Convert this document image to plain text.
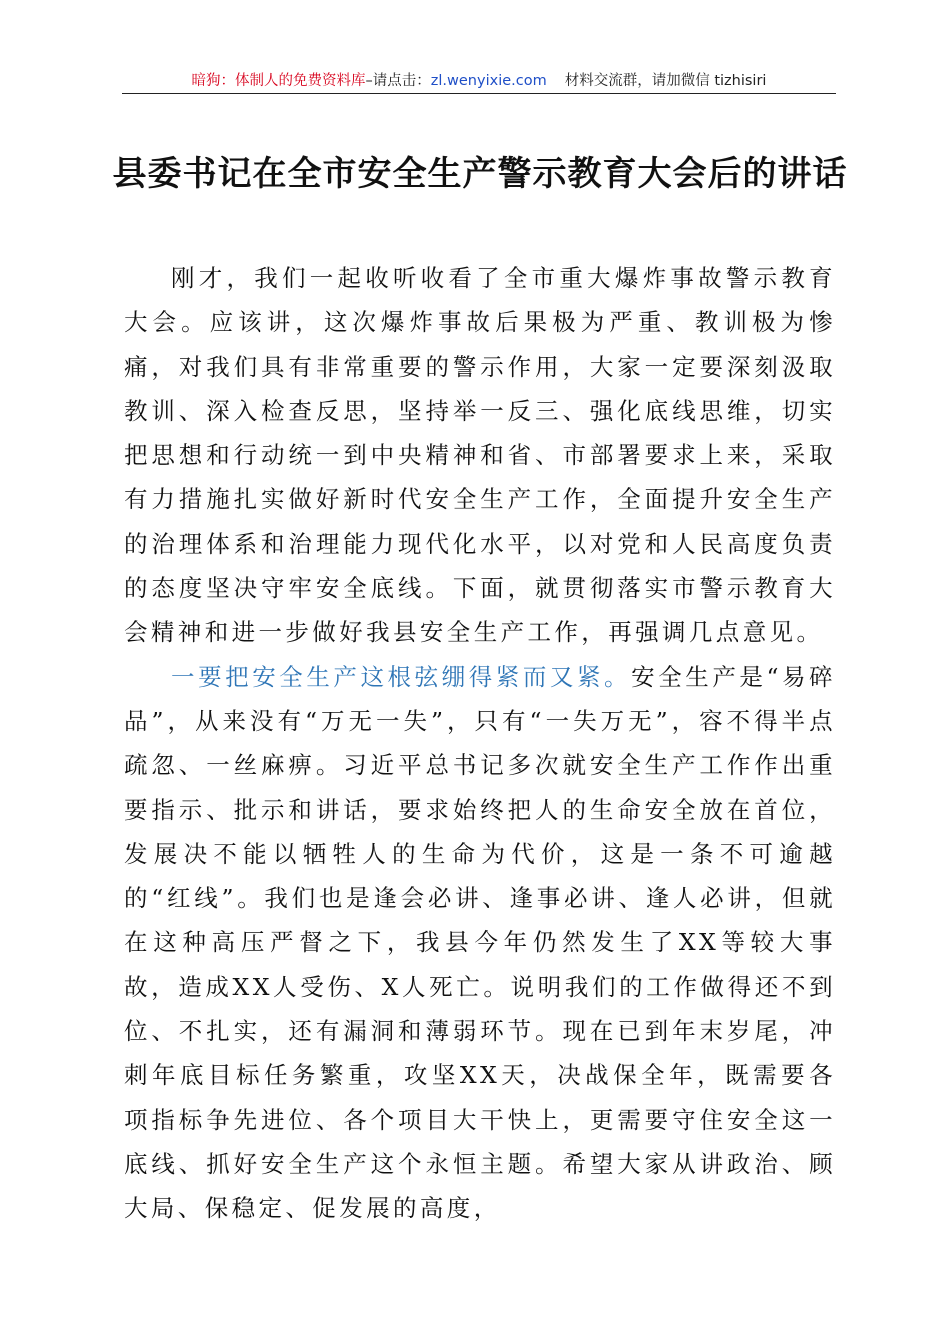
暗狗：体制人的免费资料库–请点击：zl.wenyixie.com 材料交流群，请加微信 tizhisiri
县委书记在全市安全生产警示教育大会后的讲话

刚才，我们一起收听收看了全市重大爆炸事故警示教育大会。应该讲，这次爆炸事故后果极为严重、教训极为惨痛，对我们具有非常重要的警示作用，大家一定要深刻汲取教训、深入检查反思，坚持举一反三、强化底线思维，切实把思想和行动统一到中央精神和省、市部署要求上来，采取有力措施扎实做好新时代安全生产工作，全面提升安全生产的治理体系和治理能力现代化水平，以对党和人民高度负责的态度坚决守牢安全底线。下面，就贯彻落实市警示教育大会精神和进一步做好我县安全生产工作，再强调几点意见。

一要把安全生产这根弦绷得紧而又紧。安全生产是“易碎品”，从来没有“万无一失”，只有“一失万无”，容不得半点疏忽、一丝麻痹。习近平总书记多次就安全生产工作作出重要指示、批示和讲话，要求始终把人的生命安全放在首位，发展决不能以牺牲人的生命为代价，这是一条不可逾越的“红线”。我们也是逢会必讲、逢事必讲、逢人必讲，但就在这种高压严督之下，我县今年仍然发生了XX等较大事故，造成XX人受伤、X人死亡。说明我们的工作做得还不到位、不扎实，还有漏洞和薄弱环节。现在已到年末岁尾，冲刺年底目标任务繁重，攻坚XX天，决战保全年，既需要各项指标争先进位、各个项目大干快上，更需要守住安全这一底线、抓好安全生产这个永恒主题。希望大家从讲政治、顾大局、保稳定、促发展的高度，
